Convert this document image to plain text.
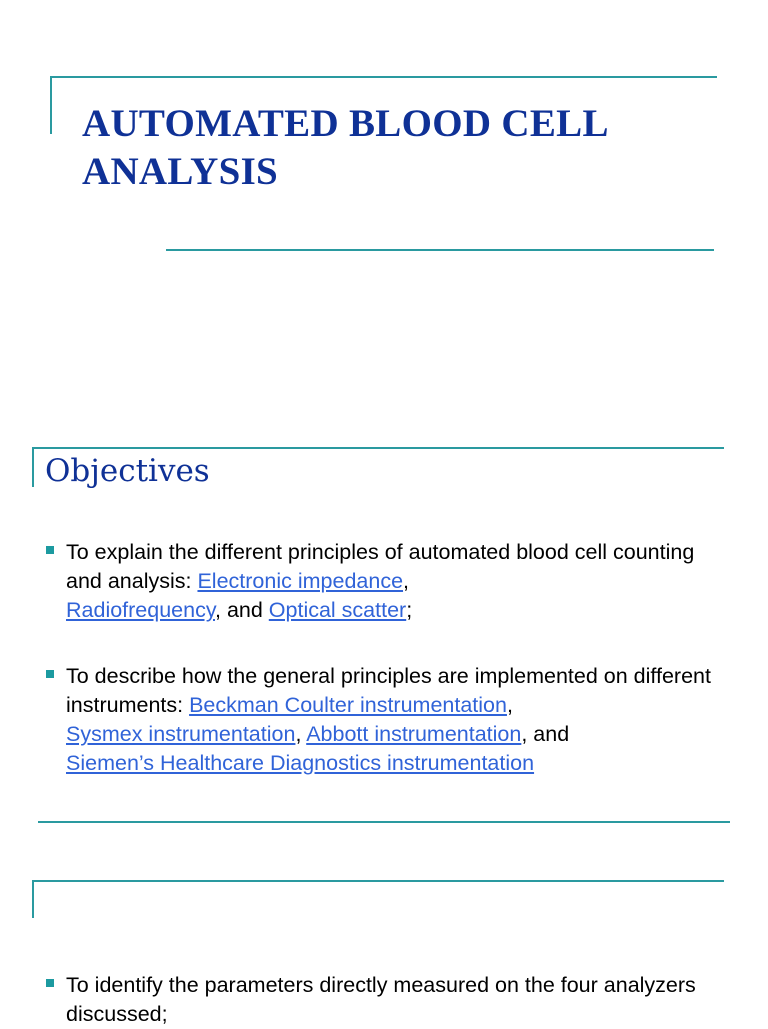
AUTOMATED BLOOD CELL ANALYSIS
Objectives
To explain the different principles of automated blood cell counting and analysis: Electronic impedance,
Radiofrequency, and Optical scatter;
To describe how the general principles are implemented on different instruments: Beckman Coulter instrumentation,
Sysmex instrumentation, Abbott instrumentation, and
Siemen’s Healthcare Diagnostics instrumentation
To identify the parameters directly measured on the four analyzers discussed;
